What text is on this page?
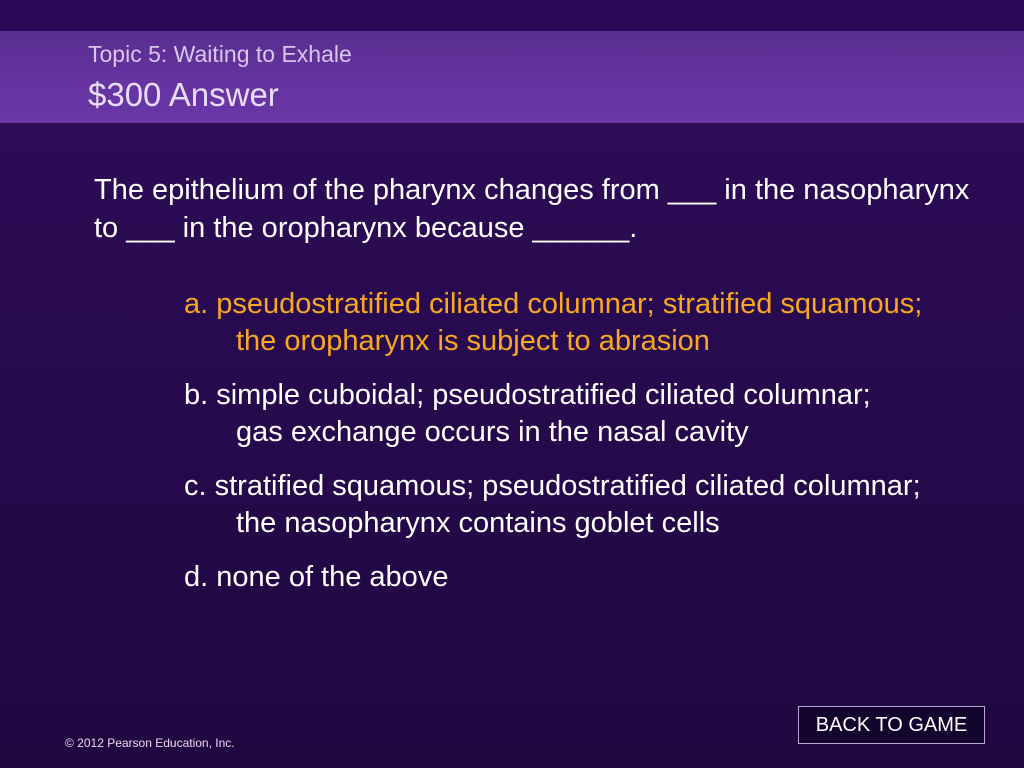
Topic 5: Waiting to Exhale
$300 Answer
The epithelium of the pharynx changes from ___ in the nasopharynx to ___ in the oropharynx because ______.
a. pseudostratified ciliated columnar; stratified squamous; the oropharynx is subject to abrasion
b. simple cuboidal; pseudostratified ciliated columnar; gas exchange occurs in the nasal cavity
c. stratified squamous; pseudostratified ciliated columnar; the nasopharynx contains goblet cells
d. none of the above
BACK TO GAME
© 2012 Pearson Education, Inc.
